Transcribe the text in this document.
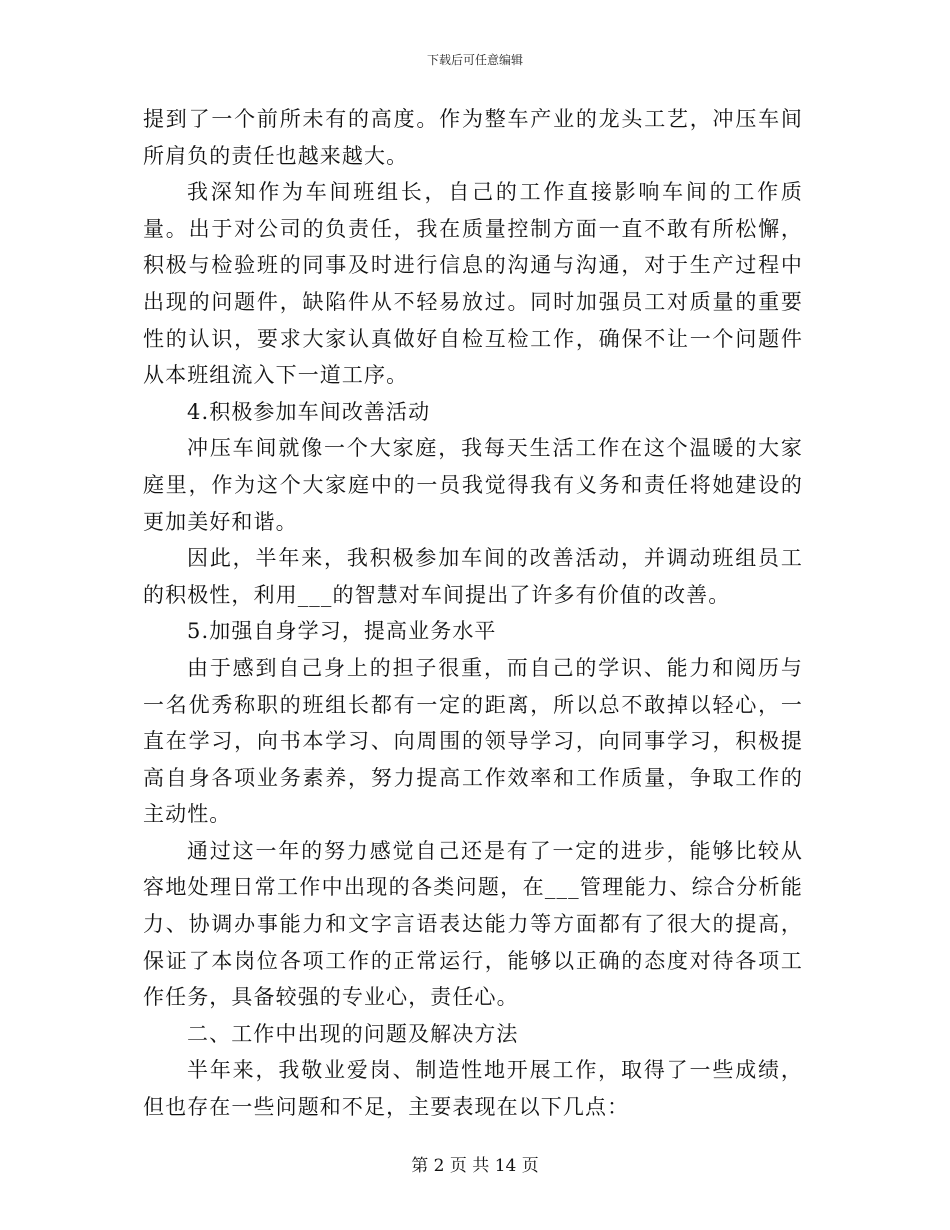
下载后可任意编辑

提到了一个前所未有的高度。作为整车产业的龙头工艺，冲压车间所肩负的责任也越来越大。

我深知作为车间班组长，自己的工作直接影响车间的工作质量。出于对公司的负责任，我在质量控制方面一直不敢有所松懈，积极与检验班的同事及时进行信息的沟通与沟通，对于生产过程中出现的问题件，缺陷件从不轻易放过。同时加强员工对质量的重要性的认识，要求大家认真做好自检互检工作，确保不让一个问题件从本班组流入下一道工序。

4.积极参加车间改善活动

冲压车间就像一个大家庭，我每天生活工作在这个温暖的大家庭里，作为这个大家庭中的一员我觉得我有义务和责任将她建设的更加美好和谐。

因此，半年来，我积极参加车间的改善活动，并调动班组员工的积极性，利用___的智慧对车间提出了许多有价值的改善。

5.加强自身学习，提高业务水平

由于感到自己身上的担子很重，而自己的学识、能力和阅历与一名优秀称职的班组长都有一定的距离，所以总不敢掉以轻心，一直在学习，向书本学习、向周围的领导学习，向同事学习，积极提高自身各项业务素养，努力提高工作效率和工作质量，争取工作的主动性。

通过这一年的努力感觉自己还是有了一定的进步，能够比较从容地处理日常工作中出现的各类问题，在___管理能力、综合分析能力、协调办事能力和文字言语表达能力等方面都有了很大的提高，保证了本岗位各项工作的正常运行，能够以正确的态度对待各项工作任务，具备较强的专业心，责任心。

二、工作中出现的问题及解决方法

半年来，我敬业爱岗、制造性地开展工作，取得了一些成绩，但也存在一些问题和不足，主要表现在以下几点：

第 2 页 共 14 页
